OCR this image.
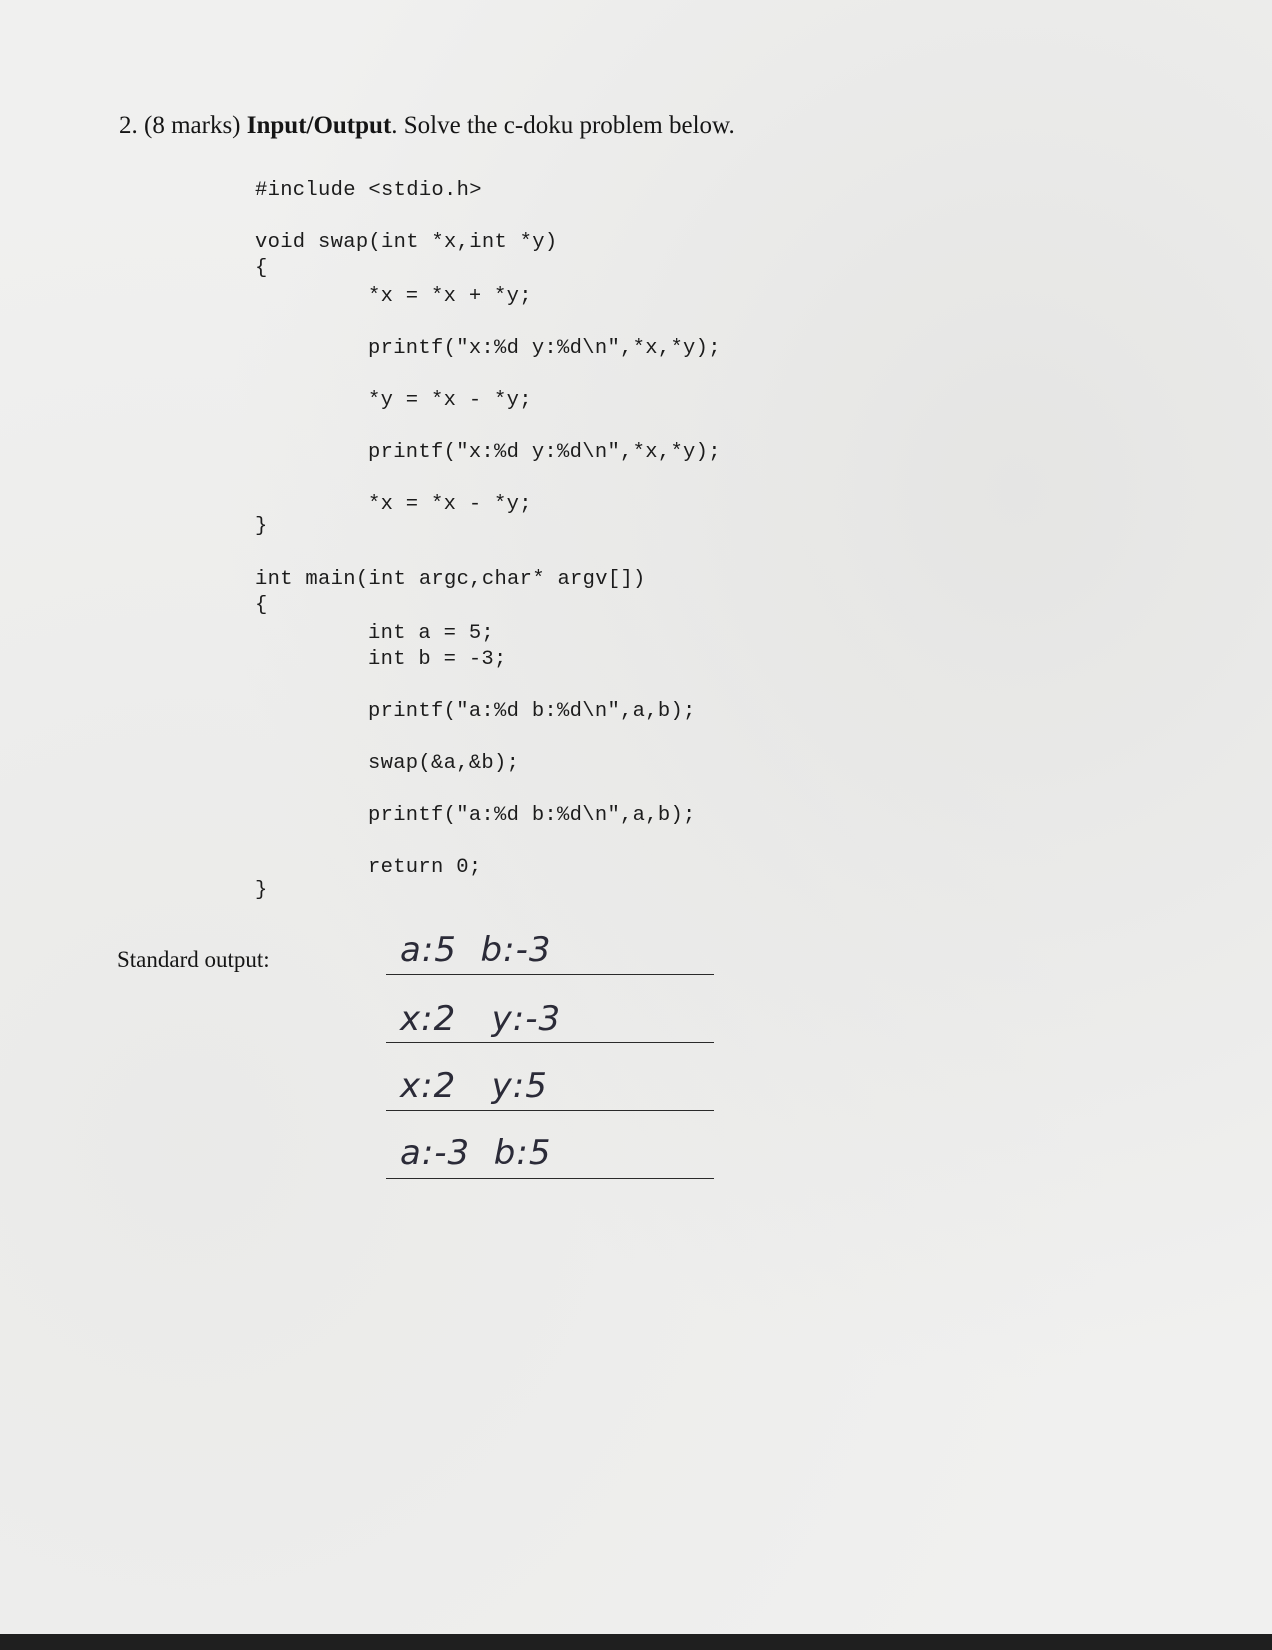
2. (8 marks) Input/Output. Solve the c-doku problem below.
#include <stdio.h>
void swap(int *x,int *y)
{
*x = *x + *y;
printf("x:%d y:%d\n",*x,*y);
*y = *x - *y;
printf("x:%d y:%d\n",*x,*y);
*x = *x - *y;
}
int main(int argc,char* argv[])
{
int a = 5;
int b = -3;
printf("a:%d b:%d\n",a,b);
swap(&a,&b);
printf("a:%d b:%d\n",a,b);
return 0;
}
Standard output:	a:5  b:-3
x:2   y:-3
x:2   y:5
a:-3  b:5
